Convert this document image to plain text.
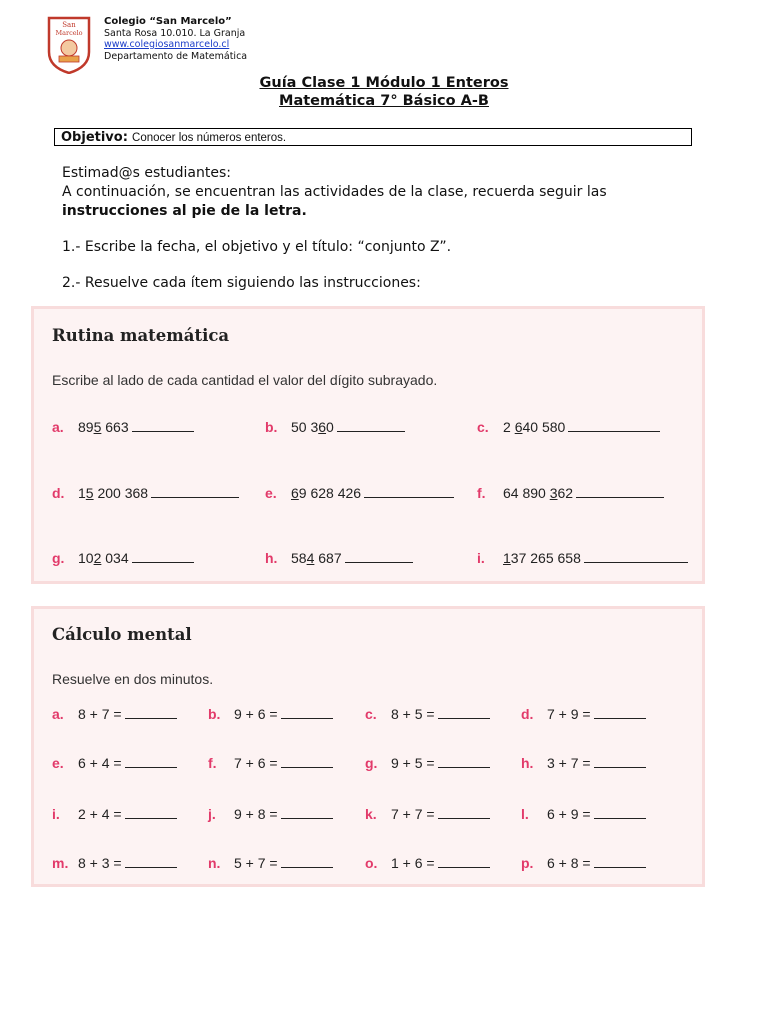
San
Marcelo
Colegio “San Marcelo”
Santa Rosa 10.010. La Granja
www.colegiosanmarcelo.cl
Departamento de Matemática
Guía Clase 1 Módulo 1 Enteros
Matemática 7° Básico A-B
Objetivo: Conocer los números enteros.

Estimad@s estudiantes:

A continuación, se encuentran las actividades de la clase, recuerda seguir las

instrucciones al pie de la letra.

1.- Escribe la fecha, el objetivo y el título: “conjunto Z”.

2.- Resuelve cada ítem siguiendo las instrucciones:

Rutina matemática
Escribe al lado de cada cantidad el valor del dígito subrayado.
a. 895 663	b. 50 360	c. 2 640 580
d. 15 200 368	e. 69 628 426	f. 64 890 362
g. 102 034	h. 584 687	i. 137 265 658
Cálculo mental
Resuelve en dos minutos.
a. 8 + 7 =	b. 9 + 6 =	c. 8 + 5 =	d. 7 + 9 =
e. 6 + 4 =	f. 7 + 6 =	g. 9 + 5 =	h. 3 + 7 =
i. 2 + 4 =	j. 9 + 8 =	k. 7 + 7 =	l. 6 + 9 =
m. 8 + 3 =	n. 5 + 7 =	o. 1 + 6 =	p. 6 + 8 =
